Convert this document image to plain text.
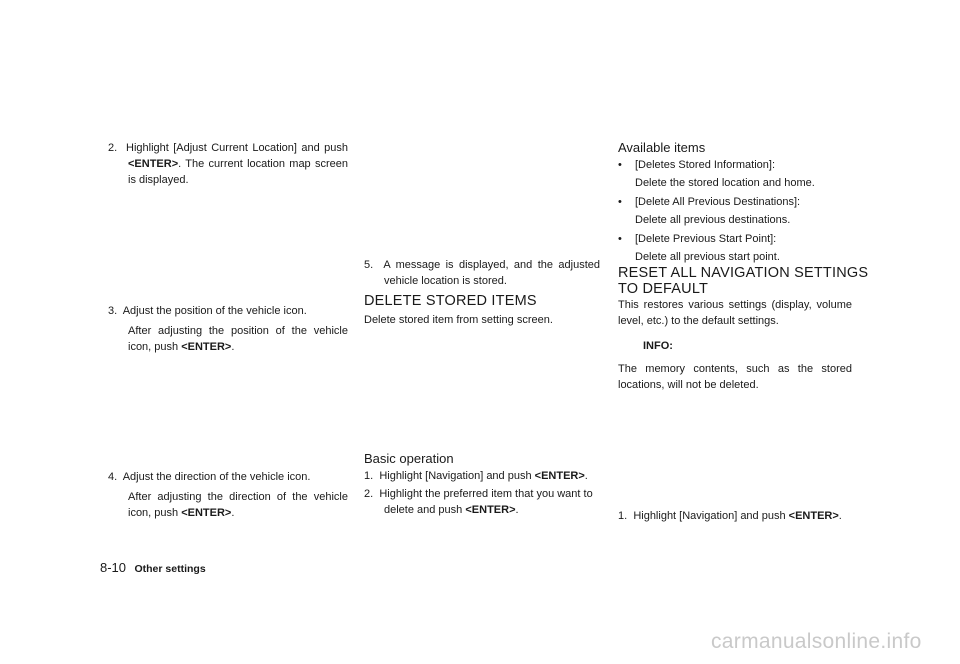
2. Highlight [Adjust Current Location] and push <ENTER>. The current location map screen is displayed.
3. Adjust the position of the vehicle icon.
After adjusting the position of the vehicle icon, push <ENTER>.
4. Adjust the direction of the vehicle icon.
After adjusting the direction of the vehicle icon, push <ENTER>.
5. A message is displayed, and the adjusted vehicle location is stored.
DELETE STORED ITEMS
Delete stored item from setting screen.
Basic operation
1. Highlight [Navigation] and push <ENTER>.
2. Highlight the preferred item that you want to delete and push <ENTER>.
Available items
• [Deletes Stored Information]:
Delete the stored location and home.
• [Delete All Previous Destinations]:
Delete all previous destinations.
• [Delete Previous Start Point]:
Delete all previous start point.
RESET ALL NAVIGATION SETTINGS
TO DEFAULT
This restores various settings (display, volume level, etc.) to the default settings.
INFO:
The memory contents, such as the stored locations, will not be deleted.
1. Highlight [Navigation] and push <ENTER>.
8-10 Other settings
carmanualsonline.info
